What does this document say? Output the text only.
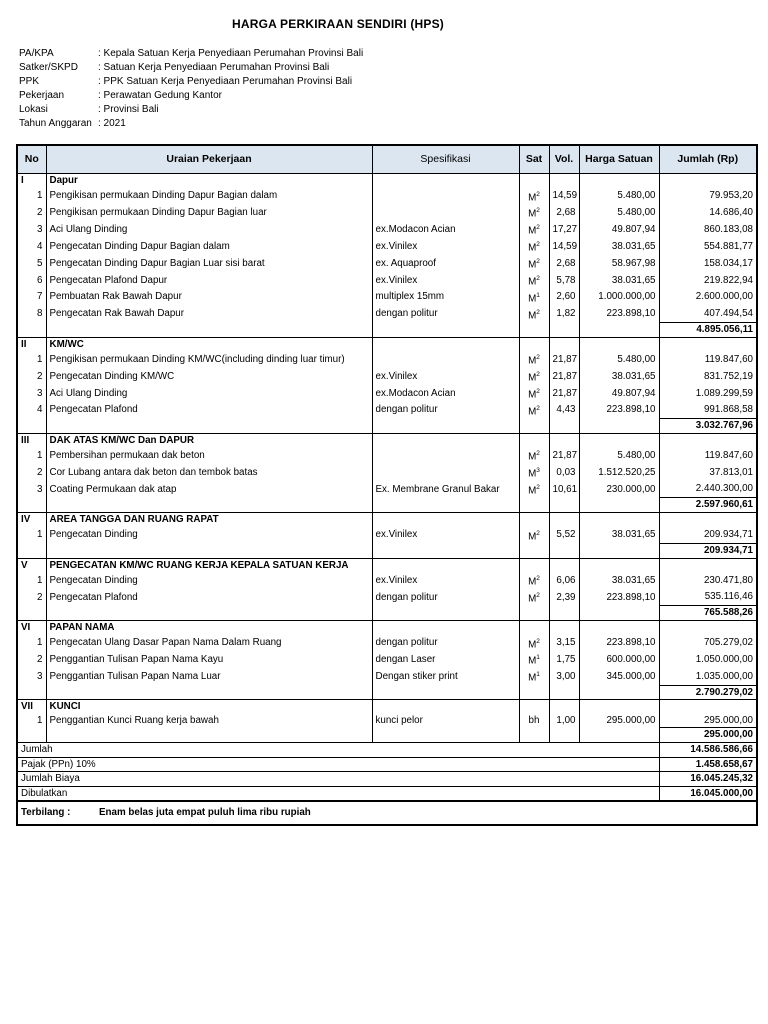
HARGA PERKIRAAN SENDIRI (HPS)
PA/KPA	: Kepala Satuan Kerja Penyediaan Perumahan Provinsi Bali
Satker/SKPD : Satuan Kerja Penyediaan Perumahan Provinsi Bali
PPK	: PPK Satuan Kerja Penyediaan Perumahan Provinsi Bali
Pekerjaan	: Perawatan Gedung Kantor
Lokasi	: Provinsi Bali
Tahun Anggaran : 2021
No	Uraian Pekerjaan	Spesifikasi	Sat	Vol.	Harga Satuan	Jumlah (Rp)
I	Dapur					
1	Pengikisan permukaan Dinding Dapur Bagian dalam		$M^2$	14,59	5.480,00	79.953,20
2	Pengikisan permukaan Dinding Dapur Bagian luar		$M^2$	2,68	5.480,00	14.686,40
3	Aci Ulang Dinding	ex.Modacon Acian	$M^2$	17,27	49.807,94	860.183,08
4	Pengecatan Dinding Dapur Bagian dalam	ex.Vinilex	$M^2$	14,59	38.031,65	554.881,77
5	Pengecatan Dinding Dapur Bagian Luar sisi barat	ex. Aquaproof	$M^2$	2,68	58.967,98	158.034,17
6	Pengecatan Plafond Dapur	ex.Vinilex	$M^2$	5,78	38.031,65	219.822,94
7	Pembuatan Rak Bawah Dapur	multiplex 15mm	$M^1$	2,60	1.000.000,00	2.600.000,00
8	Pengecatan Rak Bawah Dapur	dengan politur	$M^2$	1,82	223.898,10	407.494,54
						4.895.056,11
II	KM/WC					
1	Pengikisan permukaan Dinding KM/WC(including dinding luar timur)		$M^2$	21,87	5.480,00	119.847,60
2	Pengecatan Dinding KM/WC	ex.Vinilex	$M^2$	21,87	38.031,65	831.752,19
3	Aci Ulang Dinding	ex.Modacon Acian	$M^2$	21,87	49.807,94	1.089.299,59
4	Pengecatan Plafond	dengan politur	$M^2$	4,43	223.898,10	991.868,58
						3.032.767,96
III	DAK ATAS KM/WC Dan DAPUR					
1	Pembersihan permukaan dak beton		$M^2$	21,87	5.480,00	119.847,60
2	Cor Lubang antara dak beton dan tembok batas		$M^3$	0,03	1.512.520,25	37.813,01
3	Coating Permukaan dak atap	Ex. Membrane Granul Bakar	$M^2$	10,61	230.000,00	2.440.300,00
						2.597.960,61
IV	AREA TANGGA DAN RUANG RAPAT					
1	Pengecatan Dinding	ex.Vinilex	$M^2$	5,52	38.031,65	209.934,71
						209.934,71
V	PENGECATAN KM/WC RUANG KERJA KEPALA SATUAN KERJA					
1	Pengecatan Dinding	ex.Vinilex	$M^2$	6,06	38.031,65	230.471,80
2	Pengecatan Plafond	dengan politur	$M^2$	2,39	223.898,10	535.116,46
						765.588,26
VI	PAPAN NAMA					
1	Pengecatan Ulang Dasar Papan Nama Dalam Ruang	dengan politur	$M^2$	3,15	223.898,10	705.279,02
2	Penggantian Tulisan Papan Nama Kayu	dengan Laser	$M^1$	1,75	600.000,00	1.050.000,00
3	Penggantian Tulisan Papan Nama Luar	Dengan stiker print	$M^1$	3,00	345.000,00	1.035.000,00
						2.790.279,02
VII	KUNCI					
1	Penggantian Kunci Ruang kerja bawah	kunci pelor	bh	1,00	295.000,00	295.000,00
						295.000,00
Jumlah						14.586.586,66
Pajak (PPn) 10%						1.458.658,67
Jumlah Biaya						16.045.245,32
Dibulatkan						16.045.000,00
Terbilang : Enam belas juta empat puluh lima ribu rupiah						
